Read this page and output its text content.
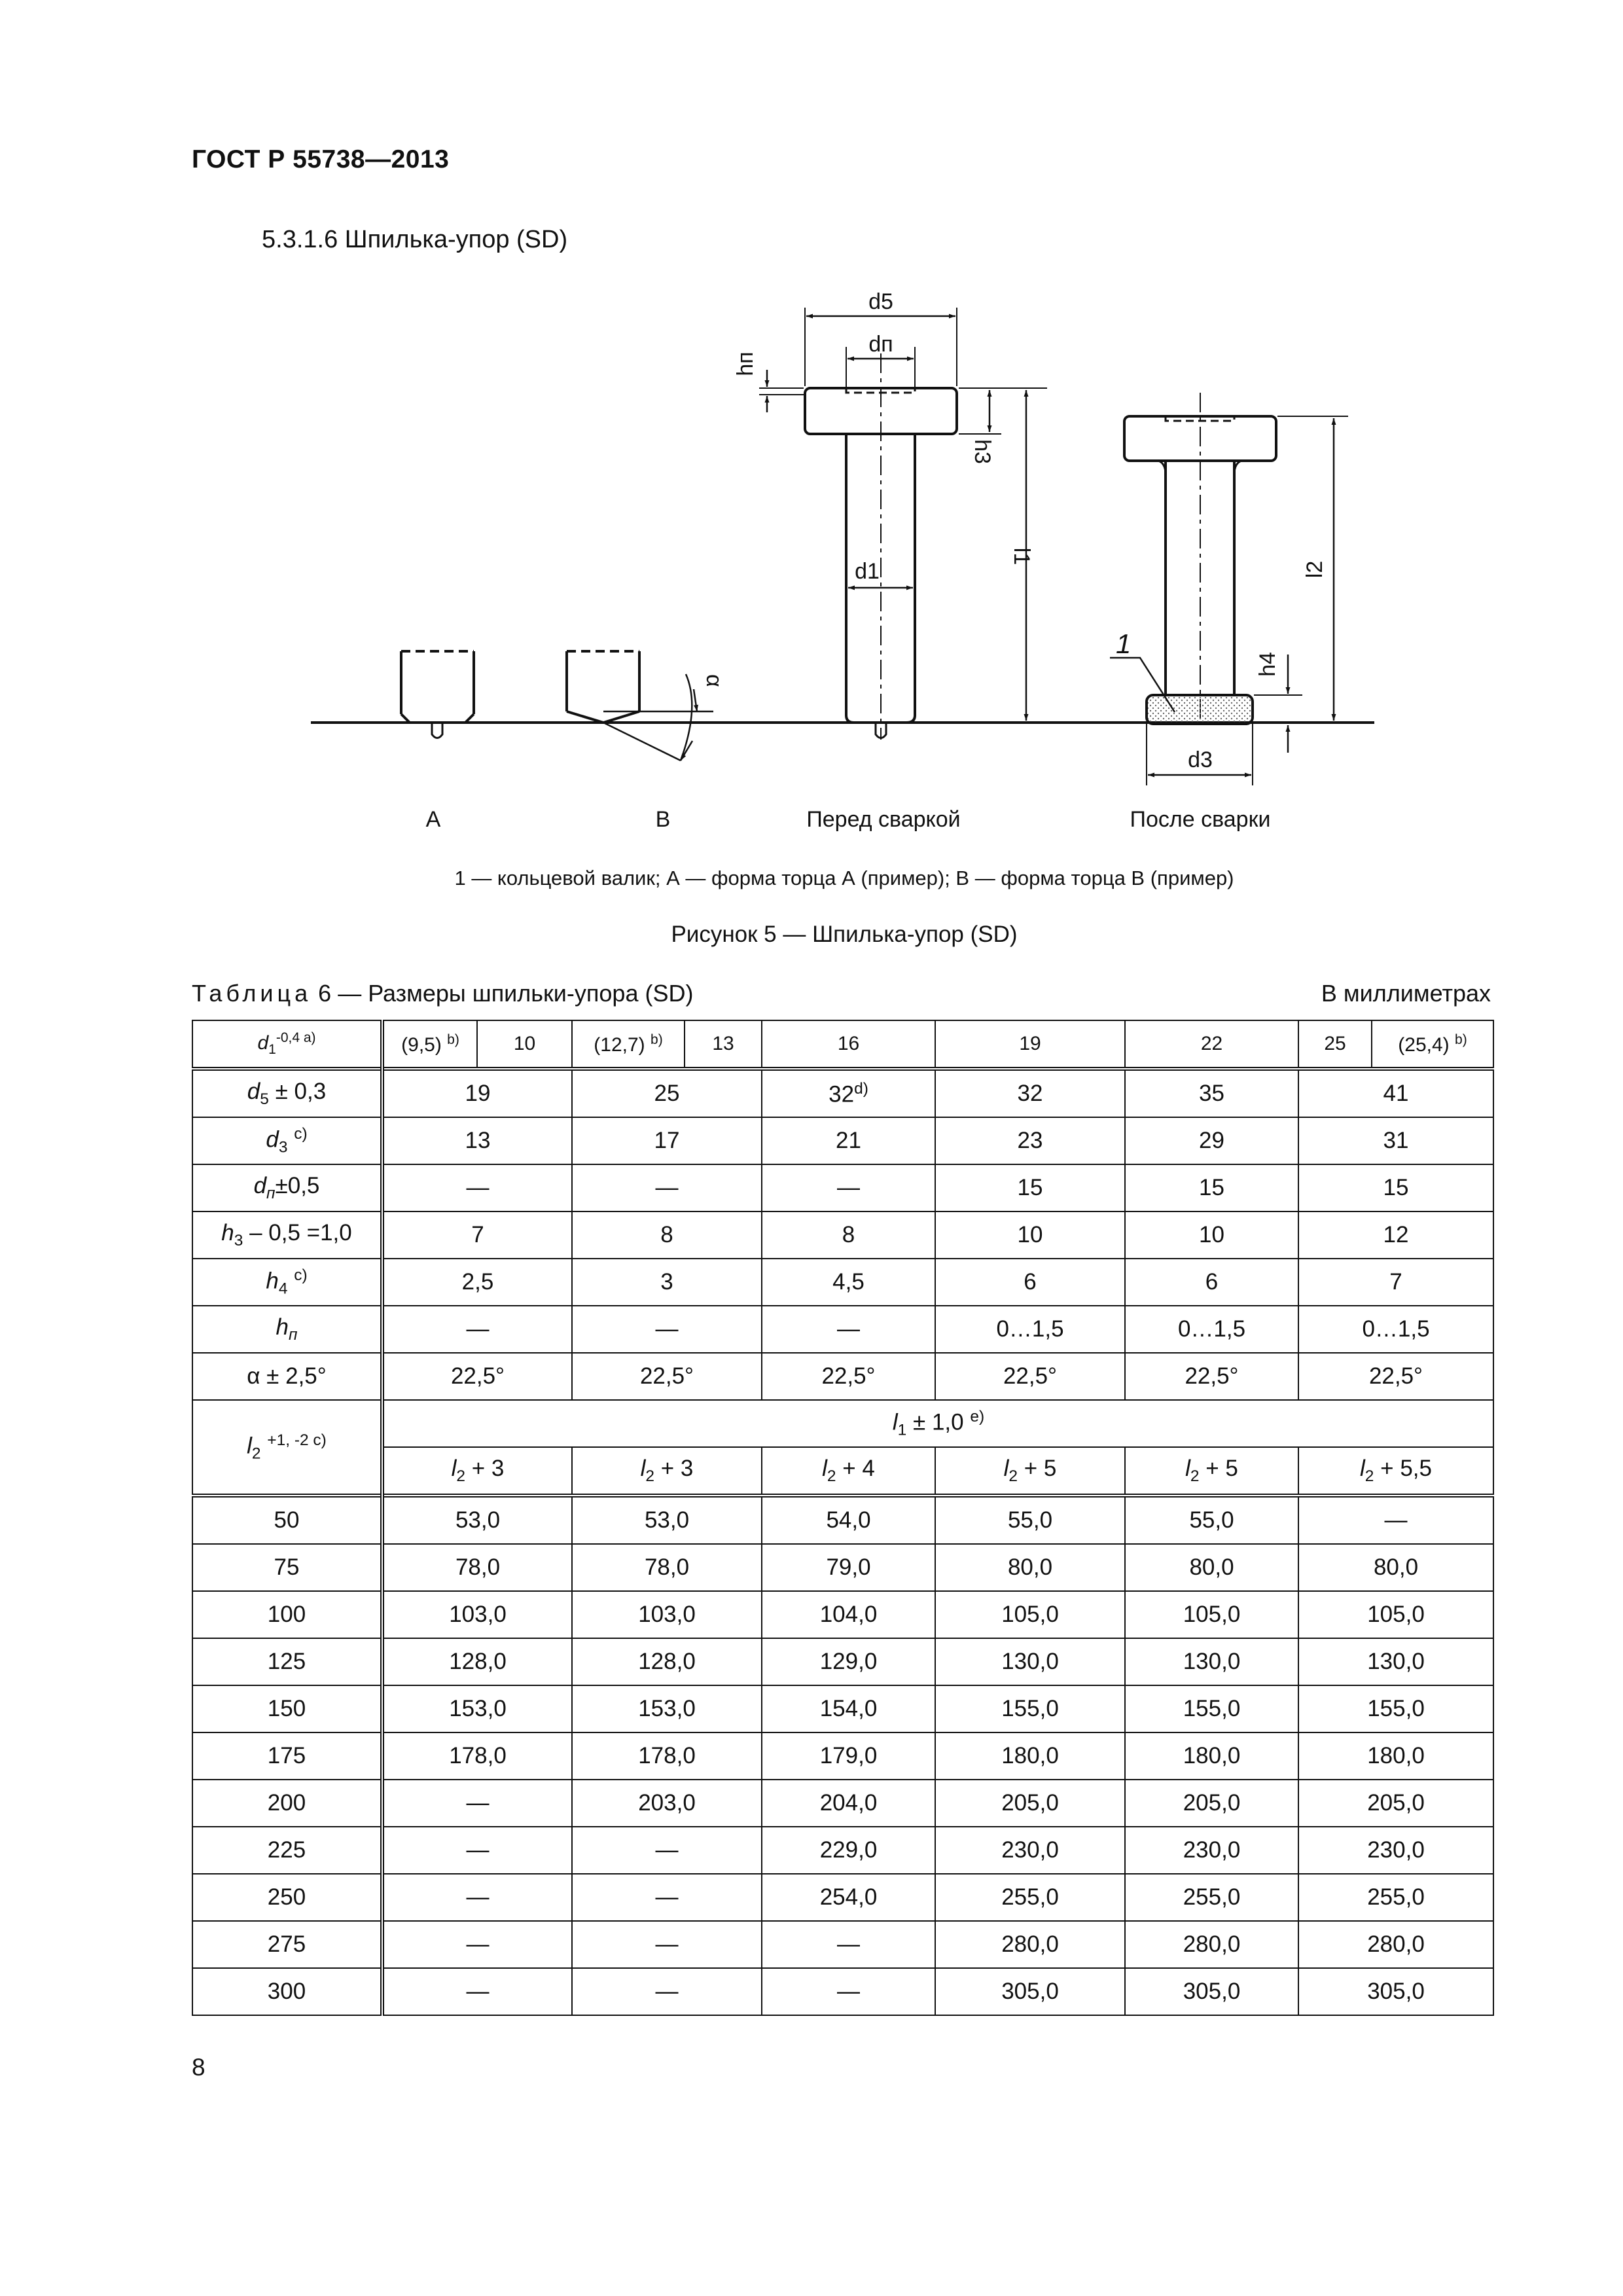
ГОСТ Р 55738—2013
5.3.1.6 Шпилька-упор (SD)
d5
dп
hп
h3
d1
l1
l2
h4
d3
α
1
А	В	Перед сваркой	После сварки
1 — кольцевой валик; А — форма торца А (пример); В — форма торца В (пример)
Рисунок 5 — Шпилька-упор (SD)
Таблица 6 — Размеры шпильки-упора (SD)	В миллиметрах
$d_1^{-0,4 a)}$	(9,5) $^{b)}$	10	(12,7) $^{b)}$	13	16	19	22	25	(25,4) $^{b)}$
$d_5 \pm 0,3$	19		25		32$^{d)}$	32	35	41	
$d_3$ $^{c)}$	13		17		21	23	29	31	
$d_п\pm 0,5$	—		—		—	15	15	15	
$h_3 - 0,5 =1,0$	7		8		8	10	10	12	
$h_4$ $^{c)}$	2,5		3		4,5	6	6	7	
$h_п$	—		—		—	0…1,5	0…1,5	0…1,5	
α ± 2,5°	22,5°		22,5°		22,5°	22,5°	22,5°	22,5°	
$l_2$ $^{+1, -2 c)}$	$l_1 \pm 1,0$ $^{e)}$
	$l_2 + 3$		$l_2 + 3$		$l_2 + 4$	$l_2 + 5$	$l_2 + 5$	$l_2 + 5,5$	
50	53,0		53,0		54,0	55,0	55,0	—	
75	78,0		78,0		79,0	80,0	80,0	80,0	
100	103,0		103,0		104,0	105,0	105,0	105,0	
125	128,0		128,0		129,0	130,0	130,0	130,0	
150	153,0		153,0		154,0	155,0	155,0	155,0	
175	178,0		178,0		179,0	180,0	180,0	180,0	
200	—		203,0		204,0	205,0	205,0	205,0	
225	—		—		229,0	230,0	230,0	230,0	
250	—		—		254,0	255,0	255,0	255,0	
275	—		—		—	280,0	280,0	280,0	
300	—		—		—	305,0	305,0	305,0	
8
